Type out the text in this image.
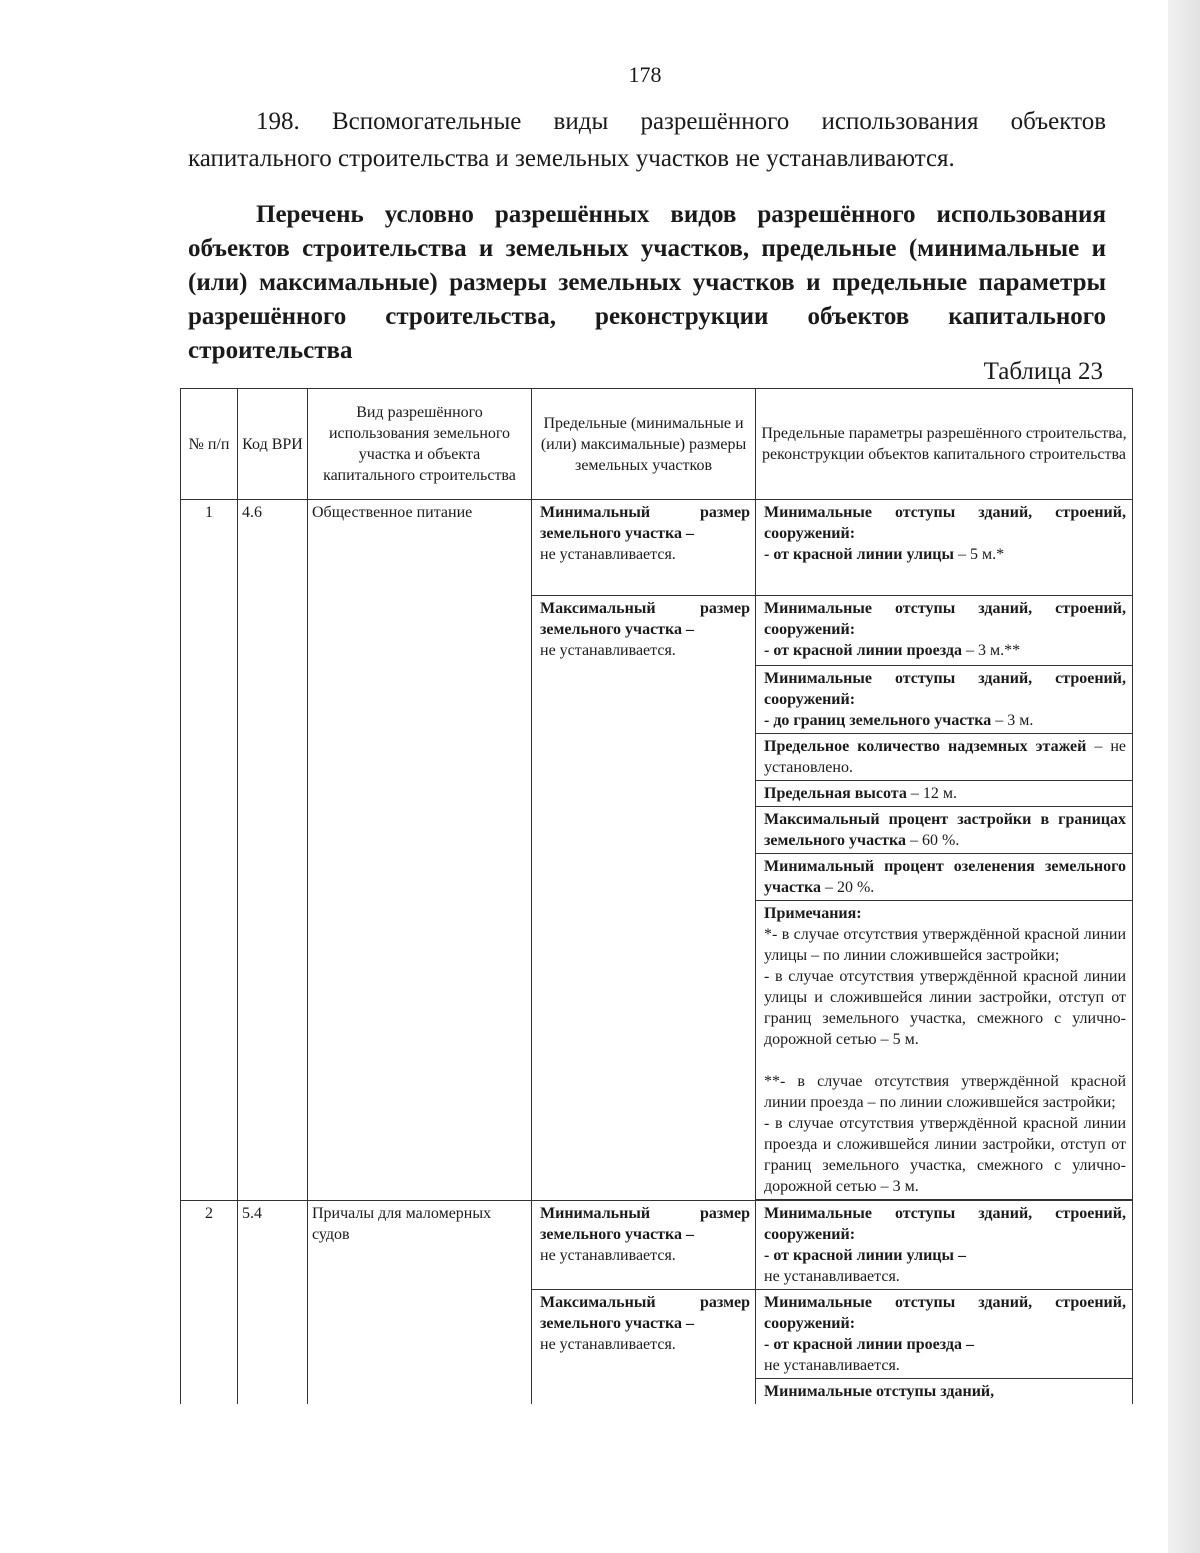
178

198. Вспомогательные виды разрешённого использования объектов капитального строительства и земельных участков не устанавливаются.

Перечень условно разрешённых видов разрешённого использования объектов строительства и земельных участков, предельные (минимальные и (или) максимальные) размеры земельных участков и предельные параметры разрешённого строительства, реконструкции объектов капитального строительства

Таблица 23
№ п/п	Код ВРИ	Вид разрешённого использования земельного участка и объекта капитального строительства	Предельные (минимальные и (или) максимальные) размеры земельных участков	Предельные параметры разрешённого строительства, реконструкции объектов капитального строительства
1	4.6	Общественное питание	Минимальный размер земельного участка –
не устанавливается.	Минимальные отступы зданий, строений, сооружений:
- от красной линии улицы – 5 м.*
			Максимальный размер земельного участка –
не устанавливается.	Минимальные отступы зданий, строений, сооружений:
- от красной линии проезда – 3 м.**
				Минимальные отступы зданий, строений, сооружений:
- до границ земельного участка – 3 м.
				Предельное количество надземных этажей – не установлено.
				Предельная высота – 12 м.
				Максимальный процент застройки в границах земельного участка – 60 %.
				Минимальный процент озеленения земельного участка – 20 %.
				Примечания:

*- в случае отсутствия утверждённой красной линии улицы – по линии сложившейся застройки;

- в случае отсутствия утверждённой красной линии улицы и сложившейся линии застройки, отступ от границ земельного участка, смежного с улично-дорожной сетью – 5 м.

**- в случае отсутствия утверждённой красной линии проезда – по линии сложившейся застройки;

- в случае отсутствия утверждённой красной линии проезда и сложившейся линии застройки, отступ от границ земельного участка, смежного с улично-дорожной сетью – 3 м.

2	5.4	Причалы для маломерных судов	Минимальный размер земельного участка –
не устанавливается.	Минимальные отступы зданий, строений, сооружений:
- от красной линии улицы –
не устанавливается.
			Максимальный размер земельного участка –
не устанавливается.	Минимальные отступы зданий, строений, сооружений:
- от красной линии проезда –
не устанавливается.
				Минимальные отступы зданий,
